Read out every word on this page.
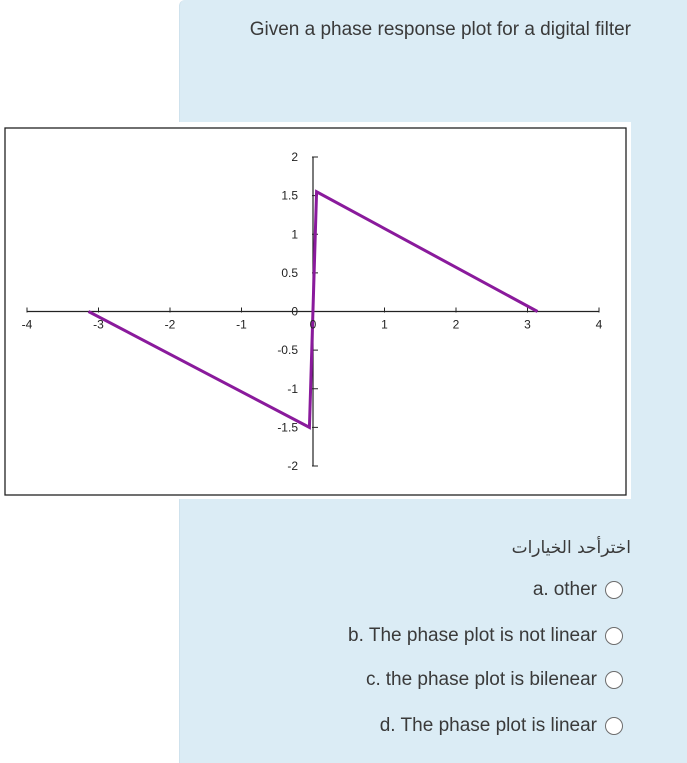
Given a phase response plot for a digital filter
-4	-3	-2	-1	0	1	2	3	4
2
1.5
1
0.5
0
-0.5
-1
-1.5
-2
اخترأحد الخيارات
a. other
b. The phase plot is not linear
c. the phase plot is bilenear
d. The phase plot is linear
